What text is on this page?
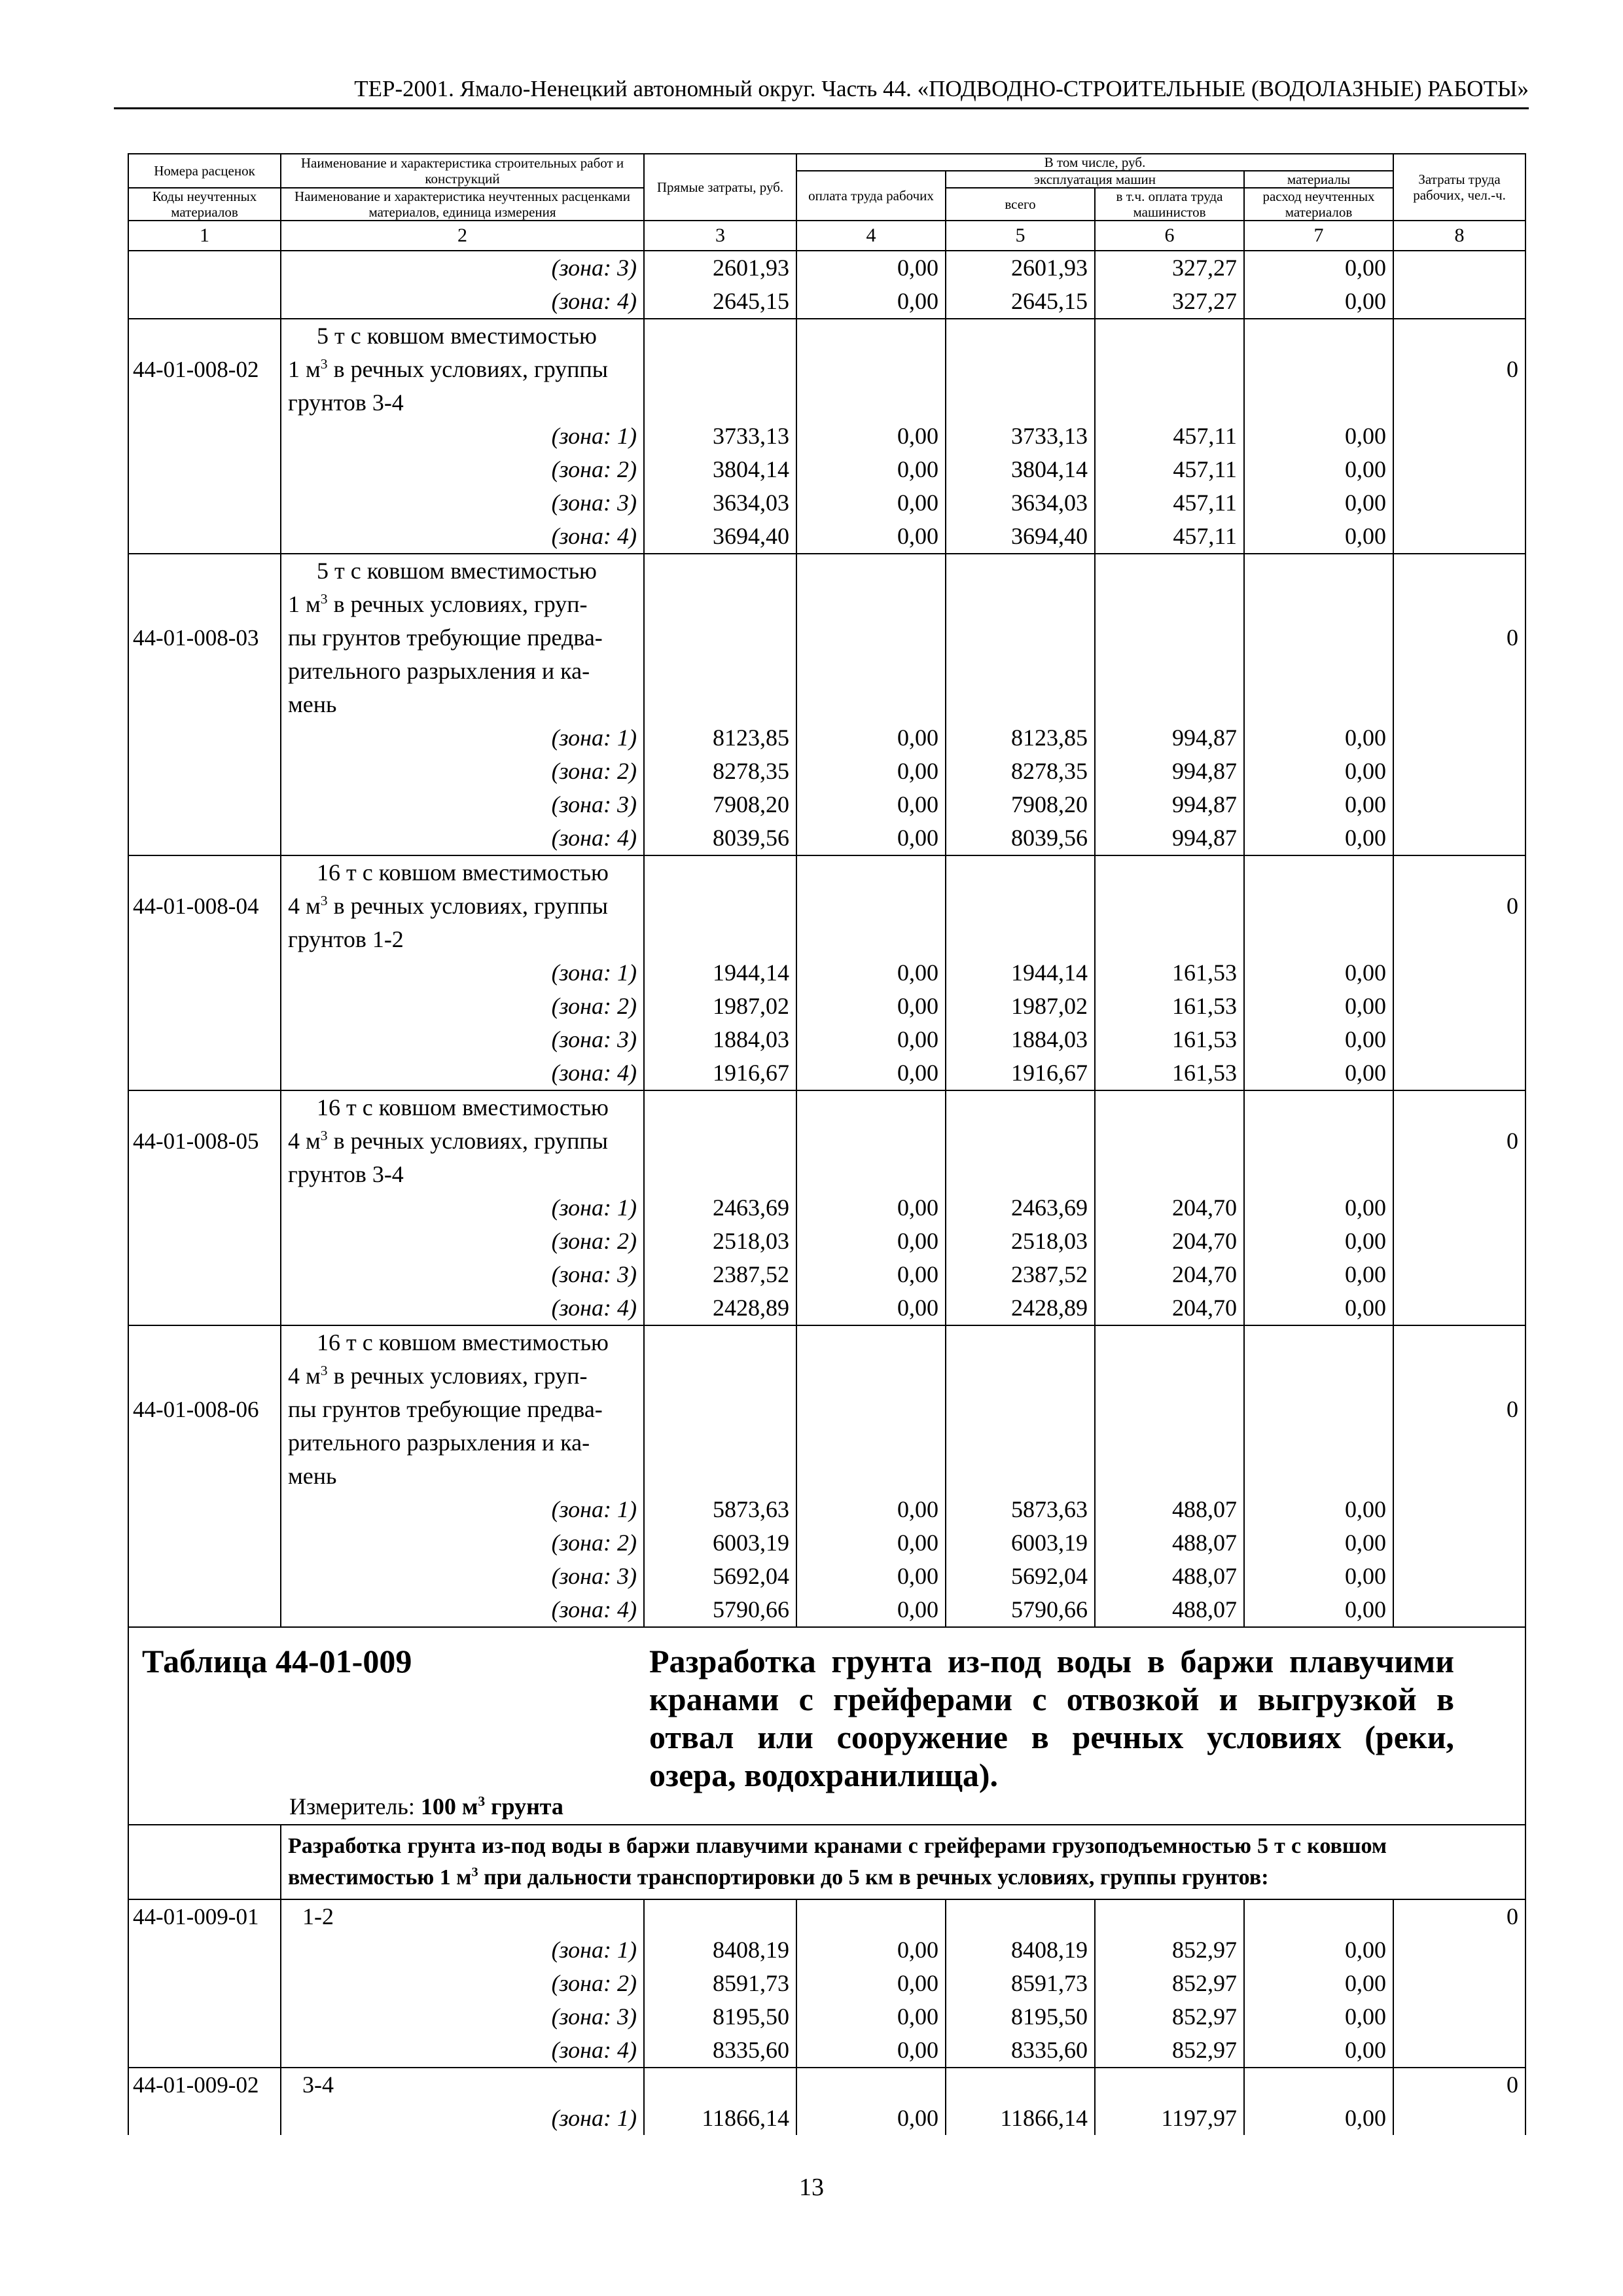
ТЕР-2001. Ямало-Ненецкий автономный округ. Часть 44. «ПОДВОДНО-СТРОИТЕЛЬНЫЕ (ВОДОЛАЗНЫЕ) РАБОТЫ»
Номера расценок	Наименование и характеристика строительных работ и конструкций	Прямые затраты, руб.	В том числе, руб.				Затраты труда рабочих, чел.-ч.
			оплата труда рабочих	эксплуатация машин		материалы	
Коды неучтенных материалов	Наименование и характеристика неучтенных расценками материалов, единица измерения			всего	в т.ч. оплата труда машинистов	расход неучтенных материалов	
1	2	3	4	5	6	7	8
	(зона: 3)	2601,93	0,00	2601,93	327,27	0,00	
	(зона: 4)	2645,15	0,00	2645,15	327,27	0,00	
44-01-008-02	5 т с ковшом вместимостью
1 $м^3$ в речных условиях, группы
грунтов 3-4						0
	(зона: 1)	3733,13	0,00	3733,13	457,11	0,00	
	(зона: 2)	3804,14	0,00	3804,14	457,11	0,00	
	(зона: 3)	3634,03	0,00	3634,03	457,11	0,00	
	(зона: 4)	3694,40	0,00	3694,40	457,11	0,00	
44-01-008-03	5 т с ковшом вместимостью
1 $м^3$ в речных условиях, груп-
пы грунтов требующие предва-
рительного разрыхления и ка-
мень						0
	(зона: 1)	8123,85	0,00	8123,85	994,87	0,00	
	(зона: 2)	8278,35	0,00	8278,35	994,87	0,00	
	(зона: 3)	7908,20	0,00	7908,20	994,87	0,00	
	(зона: 4)	8039,56	0,00	8039,56	994,87	0,00	
44-01-008-04	16 т с ковшом вместимостью
4 $м^3$ в речных условиях, группы
грунтов 1-2						0
	(зона: 1)	1944,14	0,00	1944,14	161,53	0,00	
	(зона: 2)	1987,02	0,00	1987,02	161,53	0,00	
	(зона: 3)	1884,03	0,00	1884,03	161,53	0,00	
	(зона: 4)	1916,67	0,00	1916,67	161,53	0,00	
44-01-008-05	16 т с ковшом вместимостью
4 $м^3$ в речных условиях, группы
грунтов 3-4						0
	(зона: 1)	2463,69	0,00	2463,69	204,70	0,00	
	(зона: 2)	2518,03	0,00	2518,03	204,70	0,00	
	(зона: 3)	2387,52	0,00	2387,52	204,70	0,00	
	(зона: 4)	2428,89	0,00	2428,89	204,70	0,00	
44-01-008-06	16 т с ковшом вместимостью
4 $м^3$ в речных условиях, груп-
пы грунтов требующие предва-
рительного разрыхления и ка-
мень						0
	(зона: 1)	5873,63	0,00	5873,63	488,07	0,00	
	(зона: 2)	6003,19	0,00	6003,19	488,07	0,00	
	(зона: 3)	5692,04	0,00	5692,04	488,07	0,00	
	(зона: 4)	5790,66	0,00	5790,66	488,07	0,00	

Таблица 44-01-009 Разработка грунта из-под воды в баржи плавучими кранами с грейферами с отвозкой и выгрузкой в отвал или сооружение в речных условиях (реки, озера, водохранилища).
Измеритель: 100 $м^3$ грунта							

	Разработка грунта из-под воды в баржи плавучими кранами с грейферами грузоподъемностью 5 т с ковшом вместимостью 1 $м^3$ при дальности транспортировки до 5 км в речных условиях, группы грунтов:						

44-01-009-01	1-2						0
	(зона: 1)	8408,19	0,00	8408,19	852,97	0,00	
	(зона: 2)	8591,73	0,00	8591,73	852,97	0,00	
	(зона: 3)	8195,50	0,00	8195,50	852,97	0,00	
	(зона: 4)	8335,60	0,00	8335,60	852,97	0,00	
44-01-009-02	3-4						0
	(зона: 1)	11866,14	0,00	11866,14	1197,97	0,00	
13
